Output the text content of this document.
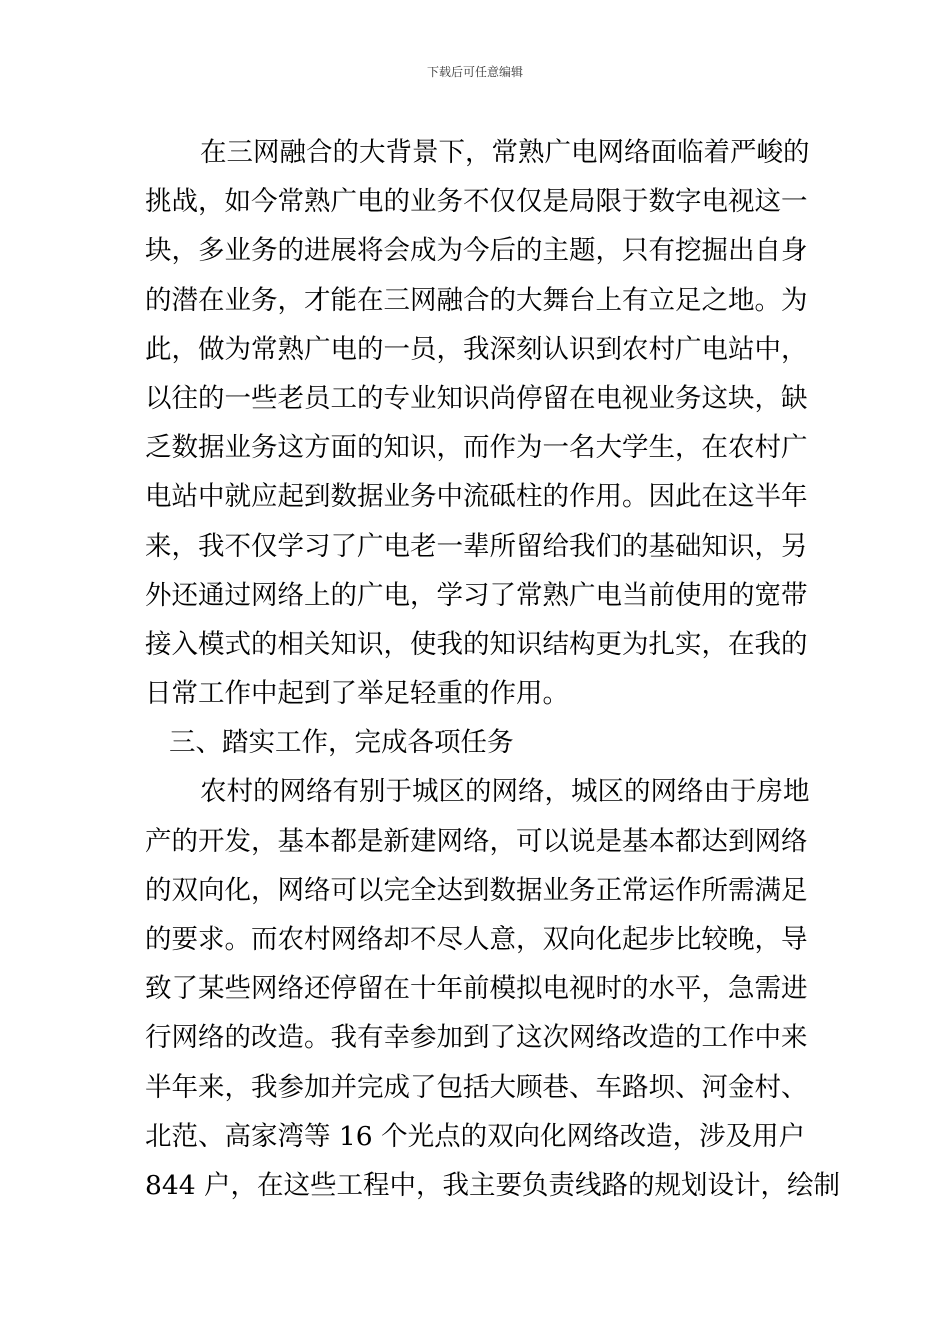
下载后可任意编辑
在三网融合的大背景下，常熟广电网络面临着严峻的
挑战，如今常熟广电的业务不仅仅是局限于数字电视这一
块，多业务的进展将会成为今后的主题，只有挖掘出自身
的潜在业务，才能在三网融合的大舞台上有立足之地。为
此，做为常熟广电的一员，我深刻认识到农村广电站中，
以往的一些老员工的专业知识尚停留在电视业务这块，缺
乏数据业务这方面的知识，而作为一名大学生，在农村广
电站中就应起到数据业务中流砥柱的作用。因此在这半年
来，我不仅学习了广电老一辈所留给我们的基础知识，另
外还通过网络上的广电，学习了常熟广电当前使用的宽带
接入模式的相关知识，使我的知识结构更为扎实，在我的
日常工作中起到了举足轻重的作用。
三、踏实工作，完成各项任务
农村的网络有别于城区的网络，城区的网络由于房地
产的开发，基本都是新建网络，可以说是基本都达到网络
的双向化，网络可以完全达到数据业务正常运作所需满足
的要求。而农村网络却不尽人意，双向化起步比较晚，导
致了某些网络还停留在十年前模拟电视时的水平，急需进
行网络的改造。我有幸参加到了这次网络改造的工作中来
半年来，我参加并完成了包括大顾巷、车路坝、河金村、
北范、高家湾等 16 个光点的双向化网络改造，涉及用户
844 户，在这些工程中，我主要负责线路的规划设计，绘制
